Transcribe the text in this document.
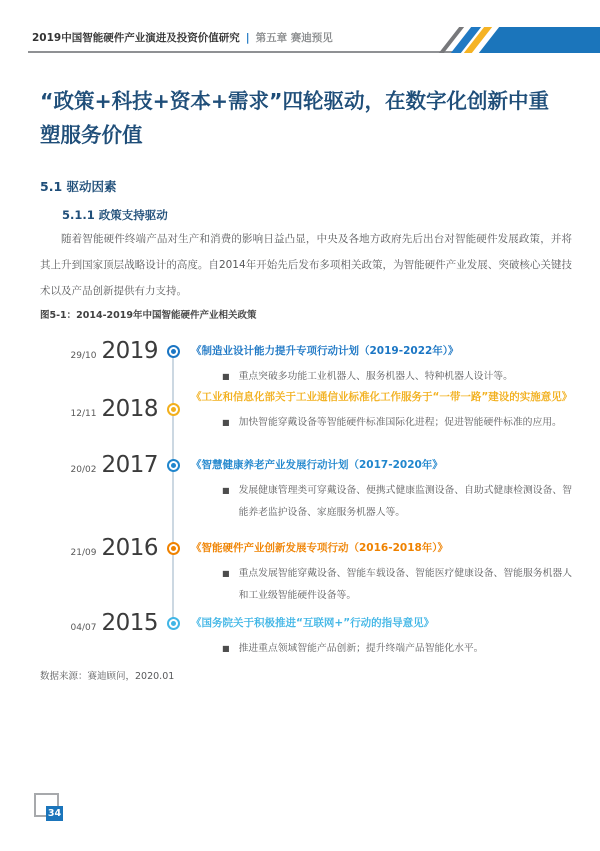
2019中国智能硬件产业演进及投资价值研究 | 第五章 赛迪预见
“政策+科技+资本+需求”四轮驱动，在数字化创新中重塑服务价值
5.1 驱动因素
5.1.1 政策支持驱动
随着智能硬件终端产品对生产和消费的影响日益凸显，中央及各地方政府先后出台对智能硬件发展政策，并将其上升到国家顶层战略设计的高度。自2014年开始先后发布多项相关政策，为智能硬件产业发展、突破核心关键技术以及产品创新提供有力支持。
图5-1：2014-2019年中国智能硬件产业相关政策
29/10 2019	《制造业设计能力提升专项行动计划（2019-2022年）》
■ 重点突破多功能工业机器人、服务机器人、特种机器人设计等。
12/11 2018	《工业和信息化部关于工业通信业标准化工作服务于“一带一路”建设的实施意见》
■ 加快智能穿戴设备等智能硬件标准国际化进程；促进智能硬件标准的应用。
20/02 2017	《智慧健康养老产业发展行动计划（2017-2020年》
■ 发展健康管理类可穿戴设备、便携式健康监测设备、自助式健康检测设备、智能养老监护设备、家庭服务机器人等。
21/09 2016	《智能硬件产业创新发展专项行动（2016-2018年）》
■ 重点发展智能穿戴设备、智能车载设备、智能医疗健康设备、智能服务机器人和工业级智能硬件设备等。
04/07 2015	《国务院关于积极推进“互联网+”行动的指导意见》
■ 推进重点领域智能产品创新；提升终端产品智能化水平。
数据来源：赛迪顾问，2020.01
34
